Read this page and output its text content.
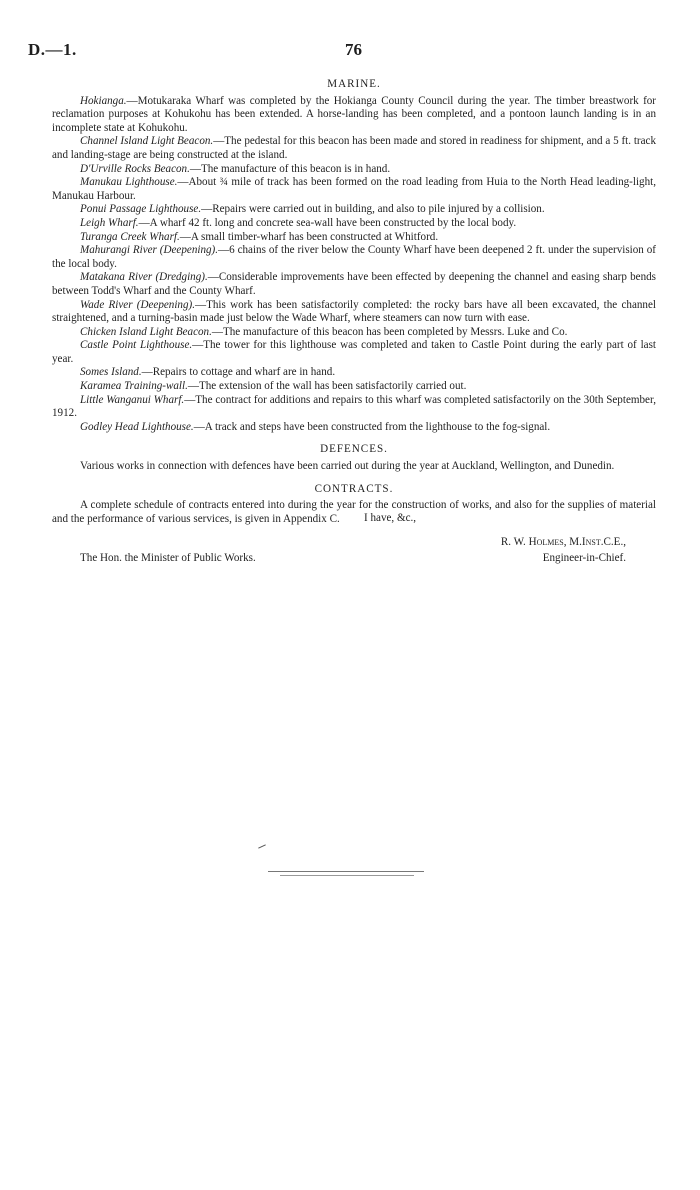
D.—1.	76
MARINE.

Hokianga.—Motukaraka Wharf was completed by the Hokianga County Council during the year. The timber breastwork for reclamation purposes at Kohukohu has been extended. A horse-landing has been completed, and a pontoon launch landing is in an incomplete state at Kohukohu.

Channel Island Light Beacon.—The pedestal for this beacon has been made and stored in readiness for shipment, and a 5 ft. track and landing-stage are being constructed at the island.

D'Urville Rocks Beacon.—The manufacture of this beacon is in hand.

Manukau Lighthouse.—About ¾ mile of track has been formed on the road leading from Huia to the North Head leading-light, Manukau Harbour.

Ponui Passage Lighthouse.—Repairs were carried out in building, and also to pile injured by a collision.

Leigh Wharf.—A wharf 42 ft. long and concrete sea-wall have been constructed by the local body.

Turanga Creek Wharf.—A small timber-wharf has been constructed at Whitford.

Mahurangi River (Deepening).—6 chains of the river below the County Wharf have been deepened 2 ft. under the supervision of the local body.

Matakana River (Dredging).—Considerable improvements have been effected by deepening the channel and easing sharp bends between Todd's Wharf and the County Wharf.

Wade River (Deepening).—This work has been satisfactorily completed: the rocky bars have all been excavated, the channel straightened, and a turning-basin made just below the Wade Wharf, where steamers can now turn with ease.

Chicken Island Light Beacon.—The manufacture of this beacon has been completed by Messrs. Luke and Co.

Castle Point Lighthouse.—The tower for this lighthouse was completed and taken to Castle Point during the early part of last year.

Somes Island.—Repairs to cottage and wharf are in hand.

Karamea Training-wall.—The extension of the wall has been satisfactorily carried out.

Little Wanganui Wharf.—The contract for additions and repairs to this wharf was completed satisfactorily on the 30th September, 1912.

Godley Head Lighthouse.—A track and steps have been constructed from the lighthouse to the fog-signal.

DEFENCES.

Various works in connection with defences have been carried out during the year at Auckland, Wellington, and Dunedin.

CONTRACTS.

A complete schedule of contracts entered into during the year for the construction of works, and also for the supplies of material and the performance of various services, is given in Appendix C.	I have, &c.,
R. W. Holmes, M.Inst.C.E.,
The Hon. the Minister of Public Works.	Engineer-in-Chief.
